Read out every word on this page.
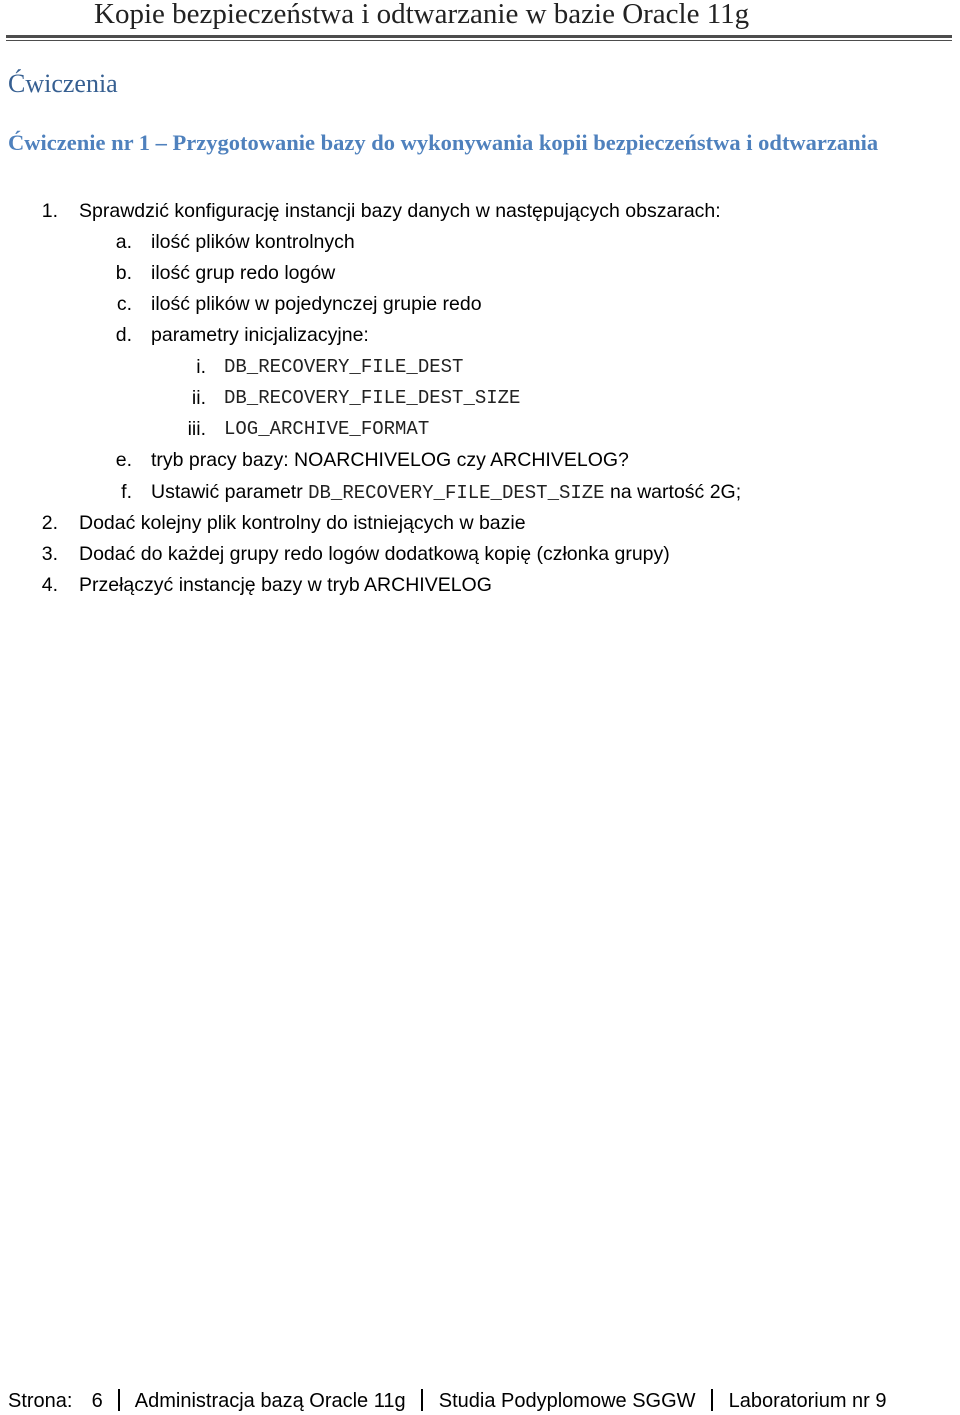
Kopie bezpieczeństwa i odtwarzanie w bazie Oracle 11g
Ćwiczenia
Ćwiczenie nr 1 – Przygotowanie bazy do wykonywania kopii bezpieczeństwa i odtwarzania
1. Sprawdzić konfigurację instancji bazy danych w następujących obszarach:
a. ilość plików kontrolnych
b. ilość grup redo logów
c. ilość plików w pojedynczej grupie redo
d. parametry inicjalizacyjne:
i. DB_RECOVERY_FILE_DEST
ii. DB_RECOVERY_FILE_DEST_SIZE
iii. LOG_ARCHIVE_FORMAT
e. tryb pracy bazy: NOARCHIVELOG czy ARCHIVELOG?
f. Ustawić parametr DB_RECOVERY_FILE_DEST_SIZE na wartość 2G;
2. Dodać kolejny plik kontrolny do istniejących w bazie
3. Dodać do każdej grupy redo logów dodatkową kopię (członka grupy)
4. Przełączyć instancję bazy w tryb ARCHIVELOG
Strona: 6 Administracja bazą Oracle 11g Studia Podyplomowe SGGW Laboratorium nr 9
